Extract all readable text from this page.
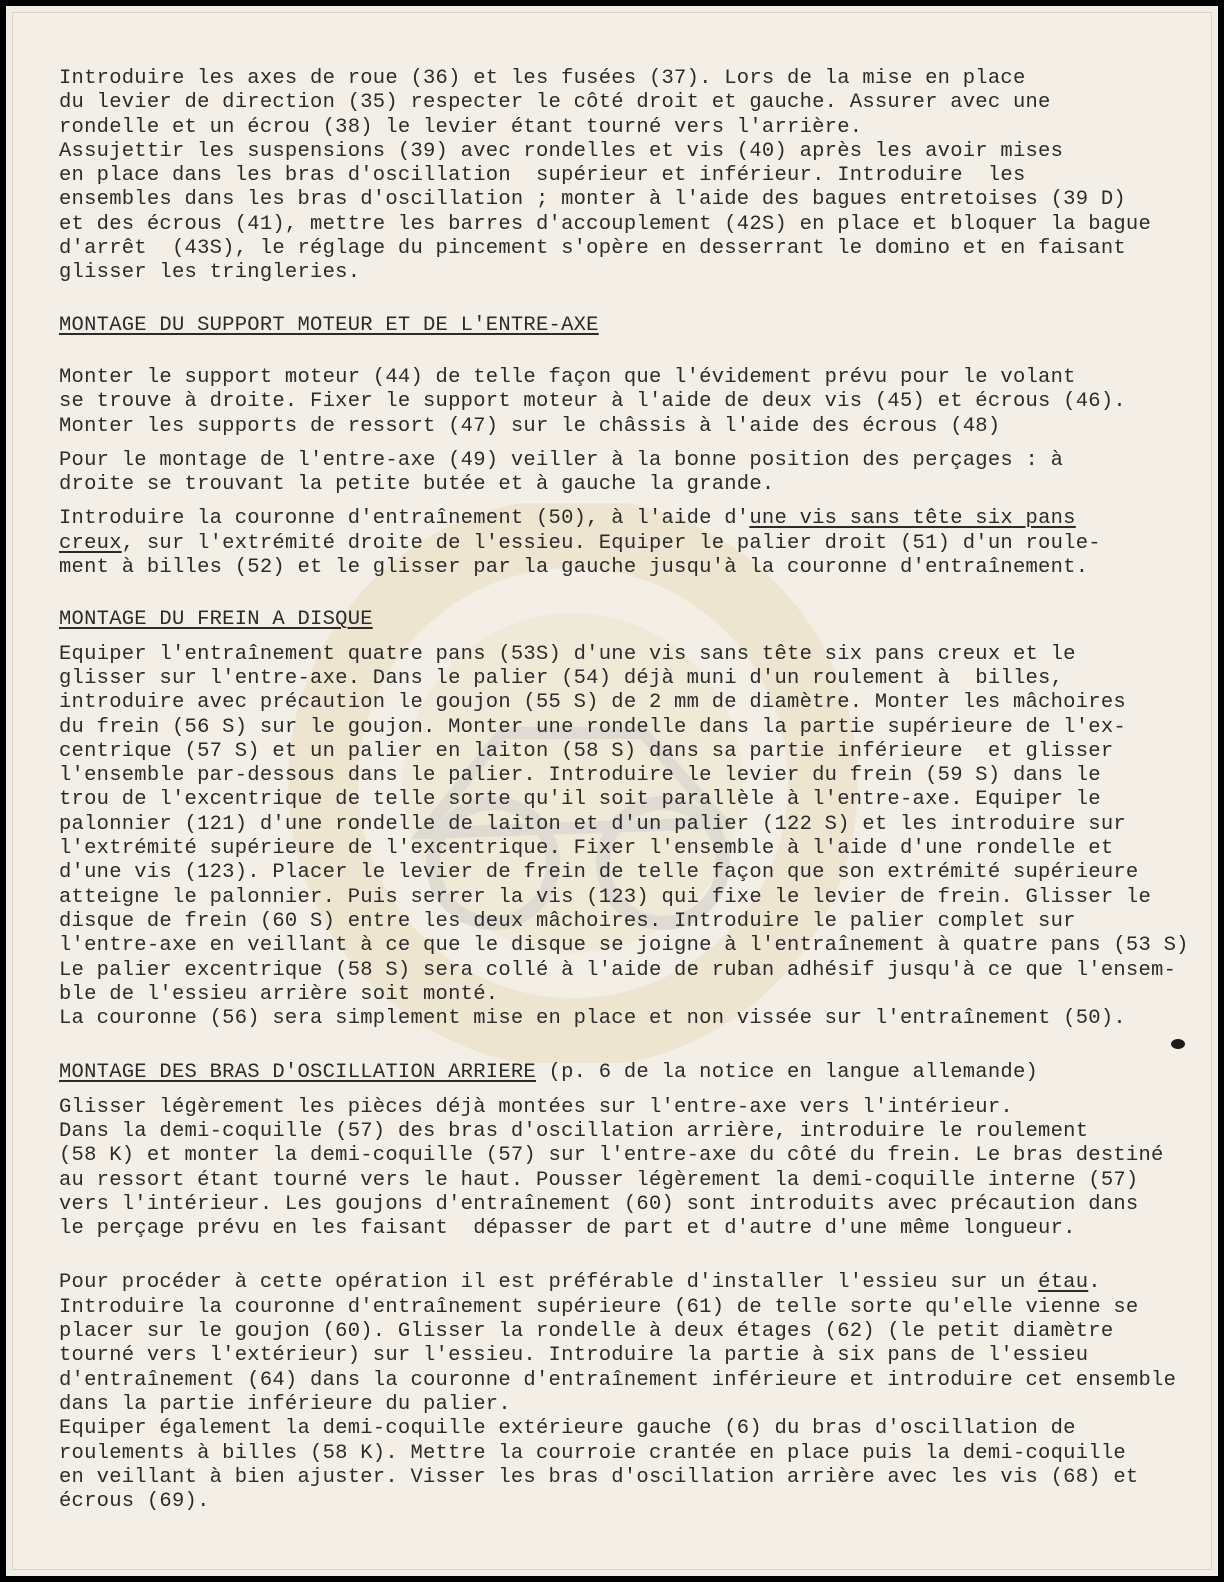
Introduire les axes de roue (36) et les fusées (37). Lors de la mise en place
du levier de direction (35) respecter le côté droit et gauche. Assurer avec une
rondelle et un écrou (38) le levier étant tourné vers l'arrière.
Assujettir les suspensions (39) avec rondelles et vis (40) après les avoir mises
en place dans les bras d'oscillation  supérieur et inférieur. Introduire  les
ensembles dans les bras d'oscillation ; monter à l'aide des bagues entretoises (39 D)
et des écrous (41), mettre les barres d'accouplement (42S) en place et bloquer la bague
d'arrêt  (43S), le réglage du pincement s'opère en desserrant le domino et en faisant
glisser les tringleries.
MONTAGE DU SUPPORT MOTEUR ET DE L'ENTRE-AXE
Monter le support moteur (44) de telle façon que l'évidement prévu pour le volant
se trouve à droite. Fixer le support moteur à l'aide de deux vis (45) et écrous (46).
Monter les supports de ressort (47) sur le châssis à l'aide des écrous (48)
Pour le montage de l'entre-axe (49) veiller à la bonne position des perçages : à
droite se trouvant la petite butée et à gauche la grande.
Introduire la couronne d'entraînement (50), à l'aide d'une vis sans tête six pans
creux, sur l'extrémité droite de l'essieu. Equiper le palier droit (51) d'un roule-
ment à billes (52) et le glisser par la gauche jusqu'à la couronne d'entraînement.
MONTAGE DU FREIN A DISQUE
Equiper l'entraînement quatre pans (53S) d'une vis sans tête six pans creux et le
glisser sur l'entre-axe. Dans le palier (54) déjà muni d'un roulement à  billes,
introduire avec précaution le goujon (55 S) de 2 mm de diamètre. Monter les mâchoires
du frein (56 S) sur le goujon. Monter une rondelle dans la partie supérieure de l'ex-
centrique (57 S) et un palier en laiton (58 S) dans sa partie inférieure  et glisser
l'ensemble par-dessous dans le palier. Introduire le levier du frein (59 S) dans le
trou de l'excentrique de telle sorte qu'il soit parallèle à l'entre-axe. Equiper le
palonnier (121) d'une rondelle de laiton et d'un palier (122 S) et les introduire sur
l'extrémité supérieure de l'excentrique. Fixer l'ensemble à l'aide d'une rondelle et
d'une vis (123). Placer le levier de frein de telle façon que son extrémité supérieure
atteigne le palonnier. Puis serrer la vis (123) qui fixe le levier de frein. Glisser le
disque de frein (60 S) entre les deux mâchoires. Introduire le palier complet sur
l'entre-axe en veillant à ce que le disque se joigne à l'entraînement à quatre pans (53 S)
Le palier excentrique (58 S) sera collé à l'aide de ruban adhésif jusqu'à ce que l'ensem-
ble de l'essieu arrière soit monté.
La couronne (56) sera simplement mise en place et non vissée sur l'entraînement (50).
MONTAGE DES BRAS D'OSCILLATION ARRIERE (p. 6 de la notice en langue allemande)
Glisser légèrement les pièces déjà montées sur l'entre-axe vers l'intérieur.
Dans la demi-coquille (57) des bras d'oscillation arrière, introduire le roulement
(58 K) et monter la demi-coquille (57) sur l'entre-axe du côté du frein. Le bras destiné
au ressort étant tourné vers le haut. Pousser légèrement la demi-coquille interne (57)
vers l'intérieur. Les goujons d'entraînement (60) sont introduits avec précaution dans
le perçage prévu en les faisant  dépasser de part et d'autre d'une même longueur.
Pour procéder à cette opération il est préférable d'installer l'essieu sur un étau.
Introduire la couronne d'entraînement supérieure (61) de telle sorte qu'elle vienne se
placer sur le goujon (60). Glisser la rondelle à deux étages (62) (le petit diamètre
tourné vers l'extérieur) sur l'essieu. Introduire la partie à six pans de l'essieu
d'entraînement (64) dans la couronne d'entraînement inférieure et introduire cet ensemble
dans la partie inférieure du palier.
Equiper également la demi-coquille extérieure gauche (6) du bras d'oscillation de
roulements à billes (58 K). Mettre la courroie crantée en place puis la demi-coquille
en veillant à bien ajuster. Visser les bras d'oscillation arrière avec les vis (68) et
écrous (69).
